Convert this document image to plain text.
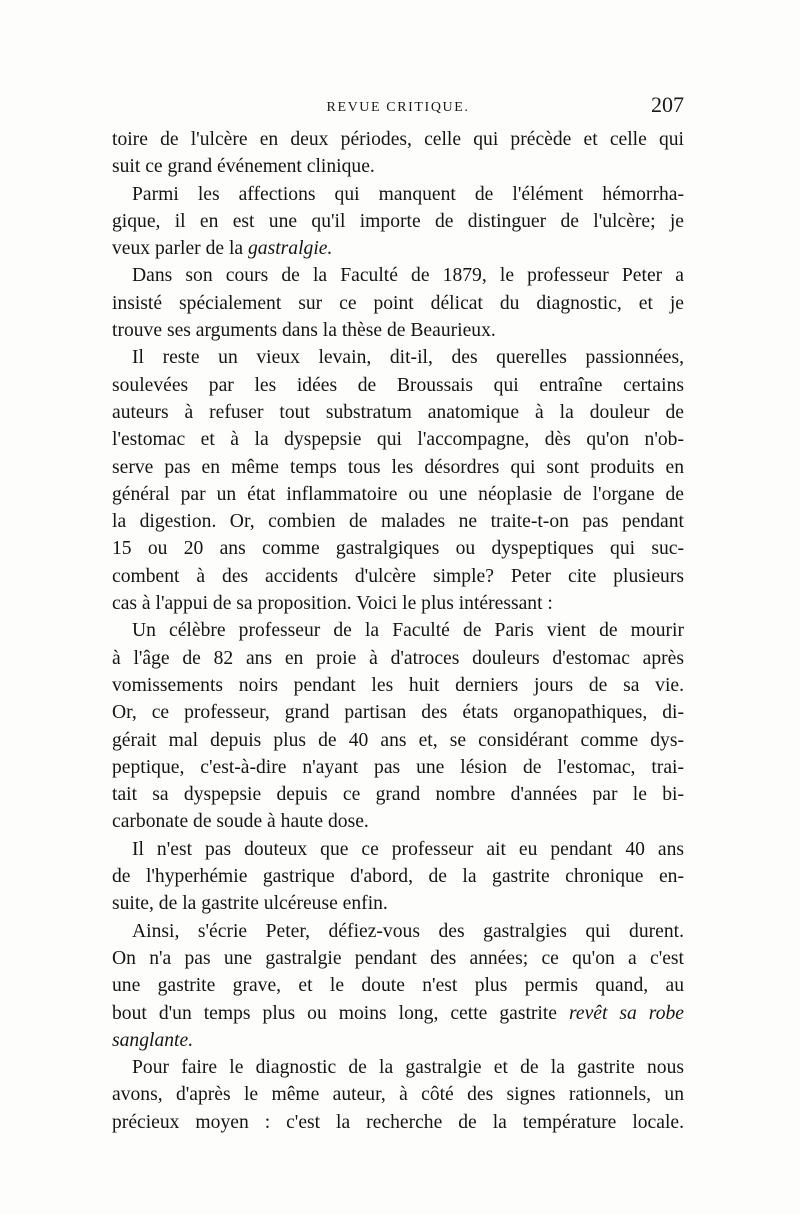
REVUE CRITIQUE.	207
toire de l'ulcère en deux périodes, celle qui précède et celle qui
suit ce grand événement clinique.
Parmi les affections qui manquent de l'élément hémorrha-
gique, il en est une qu'il importe de distinguer de l'ulcère; je
veux parler de la gastralgie.
Dans son cours de la Faculté de 1879, le professeur Peter a
insisté spécialement sur ce point délicat du diagnostic, et je
trouve ses arguments dans la thèse de Beaurieux.
Il reste un vieux levain, dit-il, des querelles passionnées,
soulevées par les idées de Broussais qui entraîne certains
auteurs à refuser tout substratum anatomique à la douleur de
l'estomac et à la dyspepsie qui l'accompagne, dès qu'on n'ob-
serve pas en même temps tous les désordres qui sont produits en
général par un état inflammatoire ou une néoplasie de l'organe de
la digestion. Or, combien de malades ne traite-t-on pas pendant
15 ou 20 ans comme gastralgiques ou dyspeptiques qui suc-
combent à des accidents d'ulcère simple? Peter cite plusieurs
cas à l'appui de sa proposition. Voici le plus intéressant :
Un célèbre professeur de la Faculté de Paris vient de mourir
à l'âge de 82 ans en proie à d'atroces douleurs d'estomac après
vomissements noirs pendant les huit derniers jours de sa vie.
Or, ce professeur, grand partisan des états organopathiques, di-
gérait mal depuis plus de 40 ans et, se considérant comme dys-
peptique, c'est-à-dire n'ayant pas une lésion de l'estomac, trai-
tait sa dyspepsie depuis ce grand nombre d'années par le bi-
carbonate de soude à haute dose.
Il n'est pas douteux que ce professeur ait eu pendant 40 ans
de l'hyperhémie gastrique d'abord, de la gastrite chronique en-
suite, de la gastrite ulcéreuse enfin.
Ainsi, s'écrie Peter, défiez-vous des gastralgies qui durent.
On n'a pas une gastralgie pendant des années; ce qu'on a c'est
une gastrite grave, et le doute n'est plus permis quand, au
bout d'un temps plus ou moins long, cette gastrite revêt sa robe
sanglante.
Pour faire le diagnostic de la gastralgie et de la gastrite nous
avons, d'après le même auteur, à côté des signes rationnels, un
précieux moyen : c'est la recherche de la température locale.
